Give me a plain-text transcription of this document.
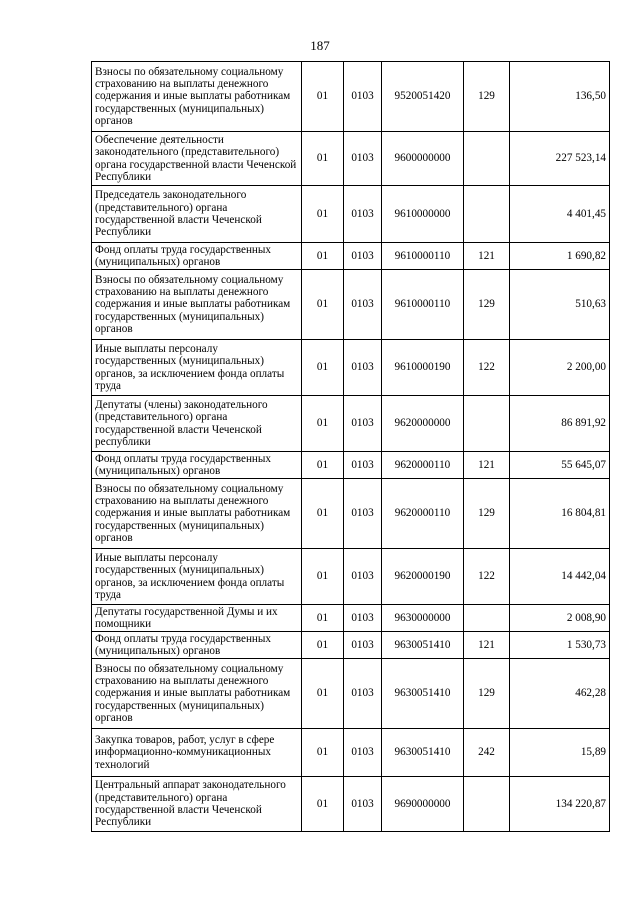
187
Взносы по обязательному социальному страхованию на выплаты денежного содержания и иные выплаты работникам государственных (муниципальных) органов	01	0103	9520051420	129	136,50
Обеспечение деятельности законодательного (представительного) органа государственной власти Чеченской Республики	01	0103	9600000000		227 523,14
Председатель законодательного (представительного) органа государственной власти Чеченской Республики	01	0103	9610000000		4 401,45
Фонд оплаты труда государственных (муниципальных) органов	01	0103	9610000110	121	1 690,82
Взносы по обязательному социальному страхованию на выплаты денежного содержания и иные выплаты работникам государственных (муниципальных) органов	01	0103	9610000110	129	510,63
Иные выплаты персоналу государственных (муниципальных) органов, за исключением фонда оплаты труда	01	0103	9610000190	122	2 200,00
Депутаты (члены) законодательного (представительного) органа государственной власти Чеченской республики	01	0103	9620000000		86 891,92
Фонд оплаты труда государственных (муниципальных) органов	01	0103	9620000110	121	55 645,07
Взносы по обязательному социальному страхованию на выплаты денежного содержания и иные выплаты работникам государственных (муниципальных) органов	01	0103	9620000110	129	16 804,81
Иные выплаты персоналу государственных (муниципальных) органов, за исключением фонда оплаты труда	01	0103	9620000190	122	14 442,04
Депутаты государственной Думы и их помощники	01	0103	9630000000		2 008,90
Фонд оплаты труда государственных (муниципальных) органов	01	0103	9630051410	121	1 530,73
Взносы по обязательному социальному страхованию на выплаты денежного содержания и иные выплаты работникам государственных (муниципальных) органов	01	0103	9630051410	129	462,28
Закупка товаров, работ, услуг в сфере информационно-коммуникационных технологий	01	0103	9630051410	242	15,89
Центральный аппарат законодательного (представительного) органа государственной власти Чеченской Республики	01	0103	9690000000		134 220,87
